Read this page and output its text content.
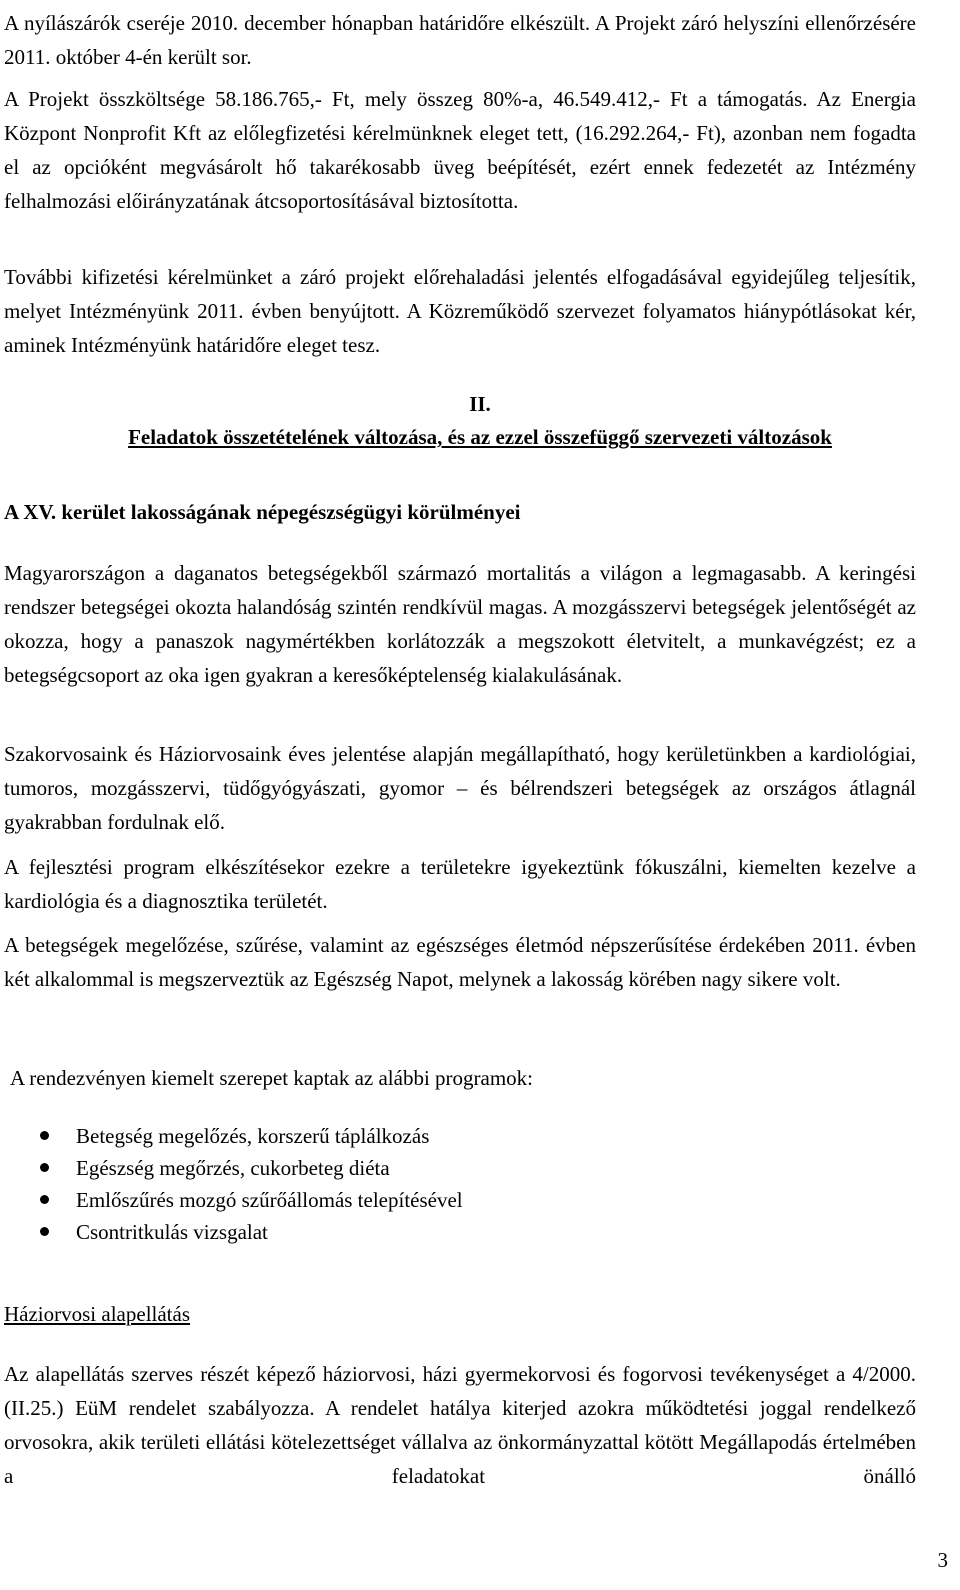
A nyílászárók cseréje 2010. december hónapban határidőre elkészült. A Projekt záró helyszíni ellenőrzésére 2011. október 4-én került sor.

A Projekt összköltsége 58.186.765,- Ft, mely összeg 80%-a, 46.549.412,- Ft a támogatás. Az Energia Központ Nonprofit Kft az előlegfizetési kérelmünknek eleget tett, (16.292.264,- Ft), azonban nem fogadta el az opcióként megvásárolt hő takarékosabb üveg beépítését, ezért ennek fedezetét az Intézmény felhalmozási előirányzatának átcsoportosításával biztosította.

További kifizetési kérelmünket a záró projekt előrehaladási jelentés elfogadásával egyidejűleg teljesítik, melyet Intézményünk 2011. évben benyújtott. A Közreműködő szervezet folyamatos hiánypótlásokat kér, aminek Intézményünk határidőre eleget tesz.

II.
Feladatok összetételének változása, és az ezzel összefüggő szervezeti változások
A XV. kerület lakosságának népegészségügyi körülményei

Magyarországon a daganatos betegségekből származó mortalitás a világon a legmagasabb. A keringési rendszer betegségei okozta halandóság szintén rendkívül magas. A mozgásszervi betegségek jelentőségét az okozza, hogy a panaszok nagymértékben korlátozzák a megszokott életvitelt, a munkavégzést; ez a betegségcsoport az oka igen gyakran a keresőképtelenség kialakulásának.

Szakorvosaink és Háziorvosaink éves jelentése alapján megállapítható, hogy kerületünkben a kardiológiai, tumoros, mozgásszervi, tüdőgyógyászati, gyomor – és bélrendszeri betegségek az országos átlagnál gyakrabban fordulnak elő.

A fejlesztési program elkészítésekor ezekre a területekre igyekeztünk fókuszálni, kiemelten kezelve a kardiológia és a diagnosztika területét.

A betegségek megelőzése, szűrése, valamint az egészséges életmód népszerűsítése érdekében 2011. évben két alkalommal is megszerveztük az Egészség Napot, melynek a lakosság körében nagy sikere volt.

A rendezvényen kiemelt szerepet kaptak az alábbi programok:

Betegség megelőzés, korszerű táplálkozás
Egészség megőrzés, cukorbeteg diéta
Emlőszűrés mozgó szűrőállomás telepítésével
Csontritkulás vizsgalat
Háziorvosi alapellátás

Az alapellátás szerves részét képező háziorvosi, házi gyermekorvosi és fogorvosi tevékenységet a 4/2000. (II.25.) EüM rendelet szabályozza. A rendelet hatálya kiterjed azokra működtetési joggal rendelkező orvosokra, akik területi ellátási kötelezettséget vállalva az önkormányzattal kötött Megállapodás értelmében a feladatokat önálló

3
